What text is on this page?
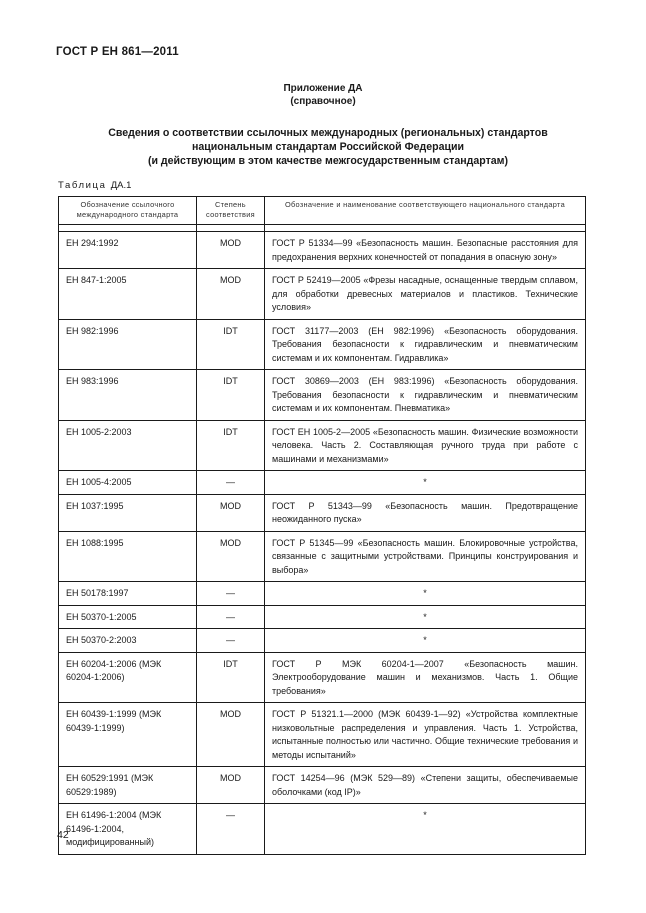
ГОСТ Р ЕН 861—2011
Приложение ДА
(справочное)
Сведения о соответствии ссылочных международных (региональных) стандартов
национальным стандартам Российской Федерации
(и действующим в этом качестве межгосударственным стандартам)
Таблица ДА.1
Обозначение ссылочного международного стандарта	Степень соответствия	Обозначение и наименование соответствующего национального стандарта

ЕН 294:1992	MOD	ГОСТ Р 51334—99 «Безопасность машин. Безопасные расстояния для предохранения верхних конечностей от попадания в опасную зону»
ЕН 847-1:2005	MOD	ГОСТ Р 52419—2005 «Фрезы насадные, оснащенные твердым сплавом, для обработки древесных материалов и пластиков. Технические условия»
ЕН 982:1996	IDT	ГОСТ 31177—2003 (ЕН 982:1996) «Безопасность оборудования. Требования безопасности к гидравлическим и пневматическим системам и их компонентам. Гидравлика»
ЕН 983:1996	IDT	ГОСТ 30869—2003 (ЕН 983:1996) «Безопасность оборудования. Требования безопасности к гидравлическим и пневматическим системам и их компонентам. Пневматика»
ЕН 1005-2:2003	IDT	ГОСТ ЕН 1005-2—2005 «Безопасность машин. Физические возможности человека. Часть 2. Составляющая ручного труда при работе с машинами и механизмами»
ЕН 1005-4:2005	—	*
ЕН 1037:1995	MOD	ГОСТ Р 51343—99 «Безопасность машин. Предотвращение неожиданного пуска»
ЕН 1088:1995	MOD	ГОСТ Р 51345—99 «Безопасность машин. Блокировочные устройства, связанные с защитными устройствами. Принципы конструирования и выбора»
ЕН 50178:1997	—	*
ЕН 50370-1:2005	—	*
ЕН 50370-2:2003	—	*
ЕН 60204-1:2006 (МЭК 60204-1:2006)	IDT	ГОСТ Р МЭК 60204-1—2007 «Безопасность машин. Электрооборудование машин и механизмов. Часть 1. Общие требования»
ЕН 60439-1:1999 (МЭК 60439-1:1999)	MOD	ГОСТ Р 51321.1—2000 (МЭК 60439-1—92) «Устройства комплектные низковольтные распределения и управления. Часть 1. Устройства, испытанные полностью или частично. Общие технические требования и методы испытаний»
ЕН 60529:1991 (МЭК 60529:1989)	MOD	ГОСТ 14254—96 (МЭК 529—89) «Степени защиты, обеспечиваемые оболочками (код IP)»
ЕН 61496-1:2004 (МЭК 61496-1:2004, модифицированный)	—	*
42
